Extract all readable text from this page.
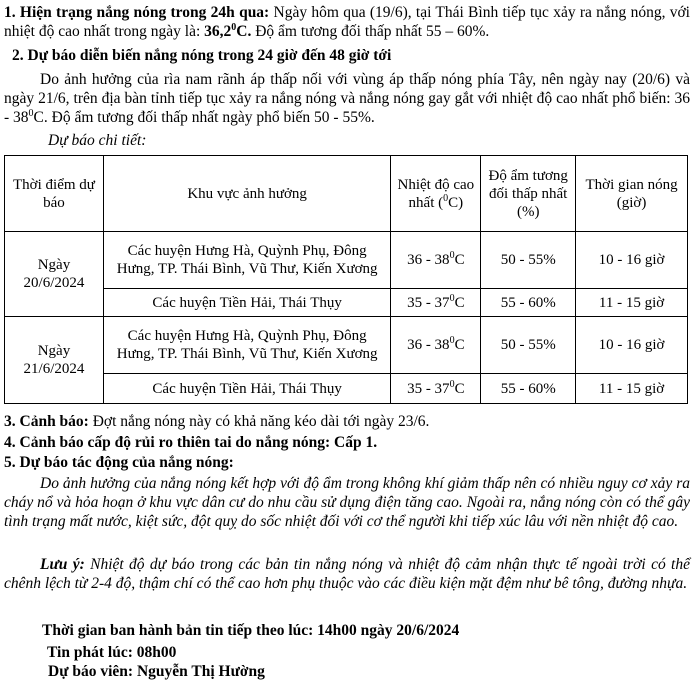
1. Hiện trạng nắng nóng trong 24h qua: Ngày hôm qua (19/6), tại Thái Bình tiếp tục xảy ra nắng nóng, với nhiệt độ cao nhất trong ngày là: 36,2$^0$C. Độ ẩm tương đối thấp nhất 55 – 60%.

2. Dự báo diễn biến nắng nóng trong 24 giờ đến 48 giờ tới

Do ảnh hưởng của rìa nam rãnh áp thấp nối với vùng áp thấp nóng phía Tây, nên ngày nay (20/6) và ngày 21/6, trên địa bàn tỉnh tiếp tục xảy ra nắng nóng và nắng nóng gay gắt với nhiệt độ cao nhất phổ biến: $36 - 38^0C$. Độ ẩm tương đối thấp nhất ngày phổ biến 50 - 55%.

Dự báo chi tiết:

Thời điểm dự báo	Khu vực ảnh hưởng	Nhiệt độ cao nhất ($^0$C)	Độ ẩm tương đối thấp nhất (%)	Thời gian nóng (giờ)
Ngày 20/6/2024	Các huyện Hưng Hà, Quỳnh Phụ, Đông Hưng, TP. Thái Bình, Vũ Thư, Kiến Xương	$36 - 38^0C$	50 - 55%	10 - 16 giờ
	Các huyện Tiền Hải, Thái Thụy	$35 - 37^0C$	55 - 60%	11 - 15 giờ
Ngày 21/6/2024	Các huyện Hưng Hà, Quỳnh Phụ, Đông Hưng, TP. Thái Bình, Vũ Thư, Kiến Xương	$36 - 38^0C$	50 - 55%	10 - 16 giờ
	Các huyện Tiền Hải, Thái Thụy	$35 - 37^0C$	55 - 60%	11 - 15 giờ

3. Cảnh báo: Đợt nắng nóng này có khả năng kéo dài tới ngày 23/6.

4. Cảnh báo cấp độ rủi ro thiên tai do nắng nóng: Cấp 1.

5. Dự báo tác động của nắng nóng:

Do ảnh hưởng của nắng nóng kết hợp với độ ẩm trong không khí giảm thấp nên có nhiều nguy cơ xảy ra cháy nổ và hỏa hoạn ở khu vực dân cư do nhu cầu sử dụng điện tăng cao. Ngoài ra, nắng nóng còn có thể gây tình trạng mất nước, kiệt sức, đột quỵ do sốc nhiệt đối với cơ thể người khi tiếp xúc lâu với nền nhiệt độ cao.

Lưu ý: Nhiệt độ dự báo trong các bản tin nắng nóng và nhiệt độ cảm nhận thực tế ngoài trời có thể chênh lệch từ 2-4 độ, thậm chí có thể cao hơn phụ thuộc vào các điều kiện mặt đệm như bê tông, đường nhựa.

Thời gian ban hành bản tin tiếp theo lúc: 14h00 ngày 20/6/2024

Tin phát lúc: 08h00

Dự báo viên: Nguyễn Thị Hường
